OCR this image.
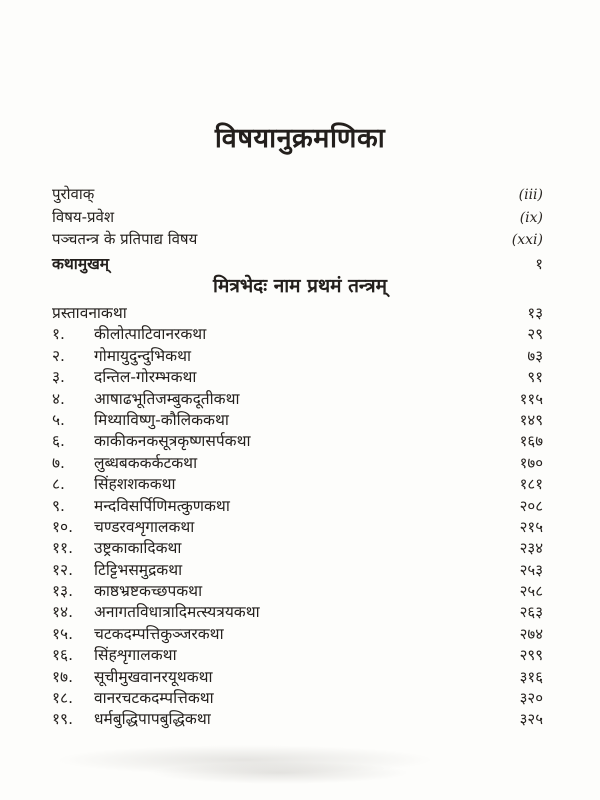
विषयानुक्रमणिका
पुरोवाक्	(iii)
विषय-प्रवेश	(ix)
पञ्चतन्त्र के प्रतिपाद्य विषय	(xxi)
कथामुखम्	१
मित्रभेदः नाम प्रथमं तन्त्रम्
प्रस्तावनाकथा	१३
१.	कीलोत्पाटिवानरकथा	२९
२.	गोमायुदुन्दुभिकथा	७३
३.	दन्तिल-गोरम्भकथा	९१
४.	आषाढभूतिजम्बुकदूतीकथा	११५
५.	मिथ्याविष्णु-कौलिककथा	१४९
६.	काकीकनकसूत्रकृष्णसर्पकथा	१६७
७.	लुब्धबककर्कटकथा	१७०
८.	सिंहशशककथा	१८१
९.	मन्दविसर्पिणिमत्कुणकथा	२०८
१०.	चण्डरवशृगालकथा	२१५
११.	उष्ट्रकाकादिकथा	२३४
१२.	टिट्टिभसमुद्रकथा	२५३
१३.	काष्ठभ्रष्टकच्छपकथा	२५८
१४.	अनागतविधात्रादिमत्स्यत्रयकथा	२६३
१५.	चटकदम्पत्तिकुञ्जरकथा	२७४
१६.	सिंहशृगालकथा	२९९
१७.	सूचीमुखवानरयूथकथा	३१६
१८.	वानरचटकदम्पत्तिकथा	३२०
१९.	धर्मबुद्धिपापबुद्धिकथा	३२५
